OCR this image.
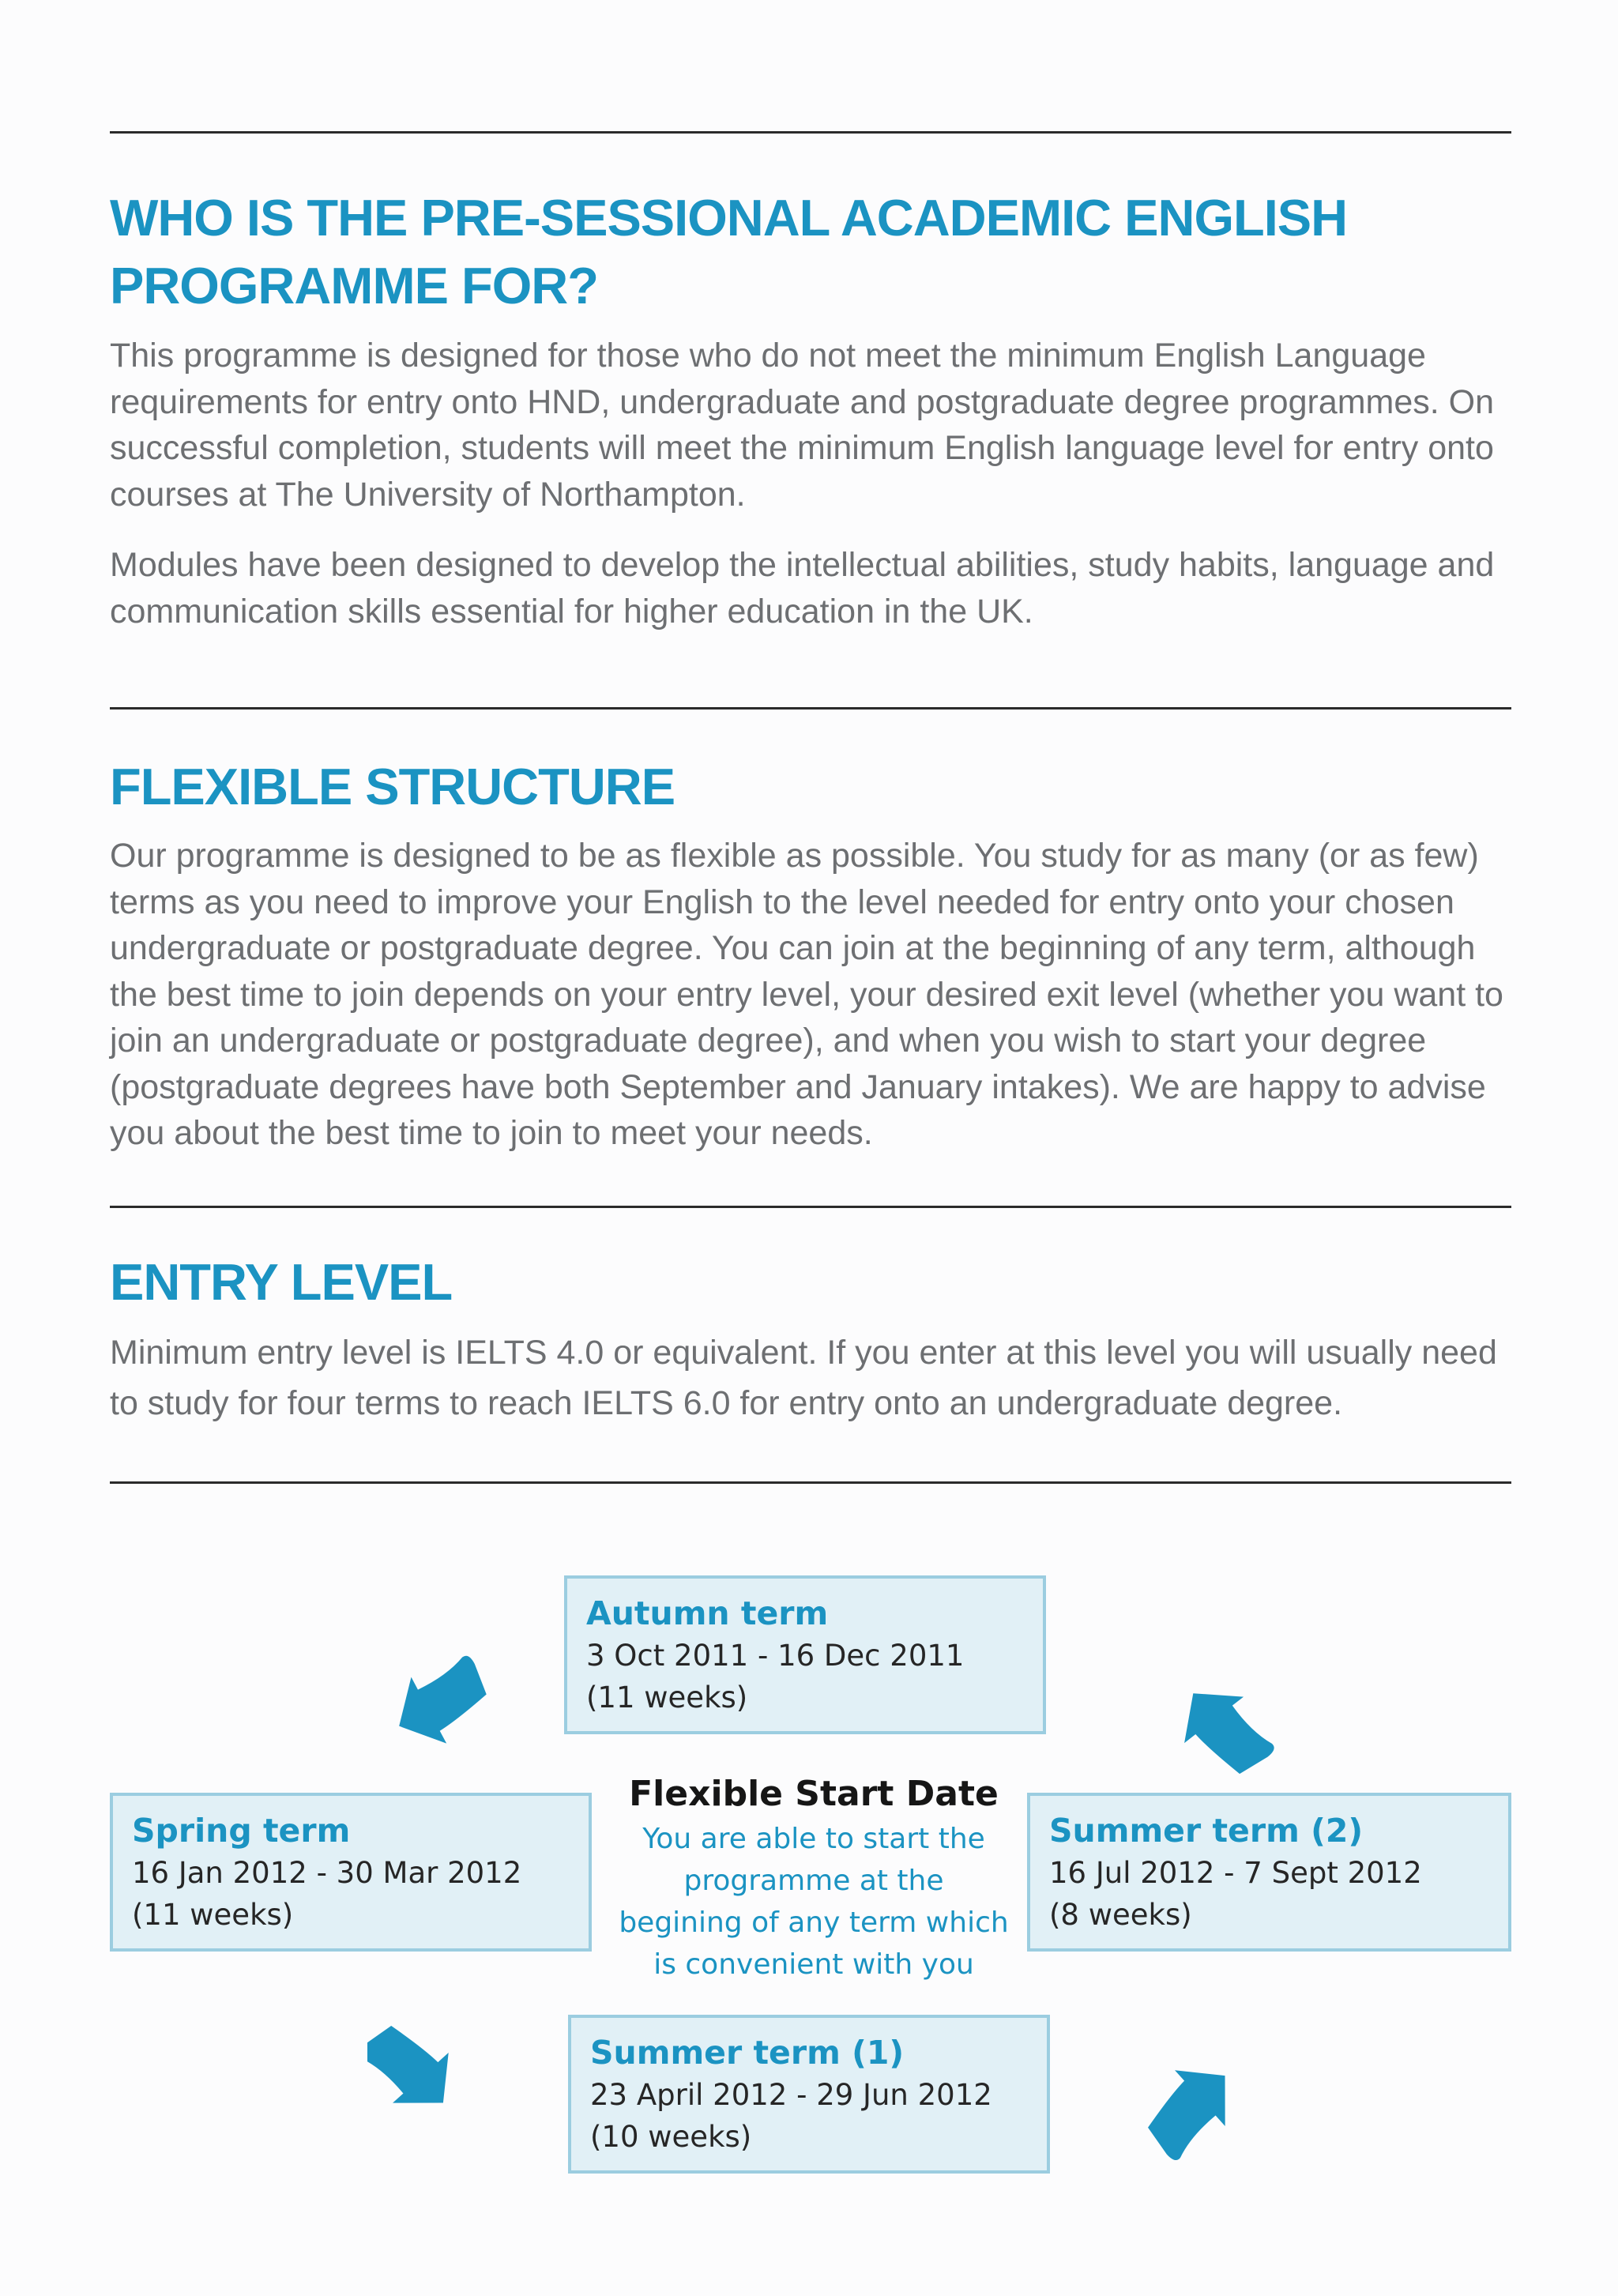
WHO IS THE PRE-SESSIONAL ACADEMIC ENGLISH PROGRAMME FOR?

This programme is designed for those who do not meet the minimum English Language requirements for entry onto HND, undergraduate and postgraduate degree programmes. On successful completion, students will meet the minimum English language level for entry onto courses at The University of Northampton.

Modules have been designed to develop the intellectual abilities, study habits, language and communication skills essential for higher education in the UK.

FLEXIBLE STRUCTURE

Our programme is designed to be as flexible as possible. You study for as many (or as few) terms as you need to improve your English to the level needed for entry onto your chosen undergraduate or postgraduate degree. You can join at the beginning of any term, although the best time to join depends on your entry level, your desired exit level (whether you want to join an undergraduate or postgraduate degree), and when you wish to start your degree (postgraduate degrees have both September and January intakes). We are happy to advise you about the best time to join to meet your needs.

ENTRY LEVEL

Minimum entry level is IELTS 4.0 or equivalent. If you enter at this level you will usually need to study for four terms to reach IELTS 6.0 for entry onto an undergraduate degree.

Autumn term
3 Oct 2011 - 16 Dec 2011
(11 weeks)
Spring term
16 Jan 2012 - 30 Mar 2012
(11 weeks)
Summer term (2)
16 Jul 2012 - 7 Sept 2012
(8 weeks)
Summer term (1)
23 April 2012 - 29 Jun 2012
(10 weeks)
Flexible Start Date
You are able to start the
programme at the
begining of any term which
is convenient with you
